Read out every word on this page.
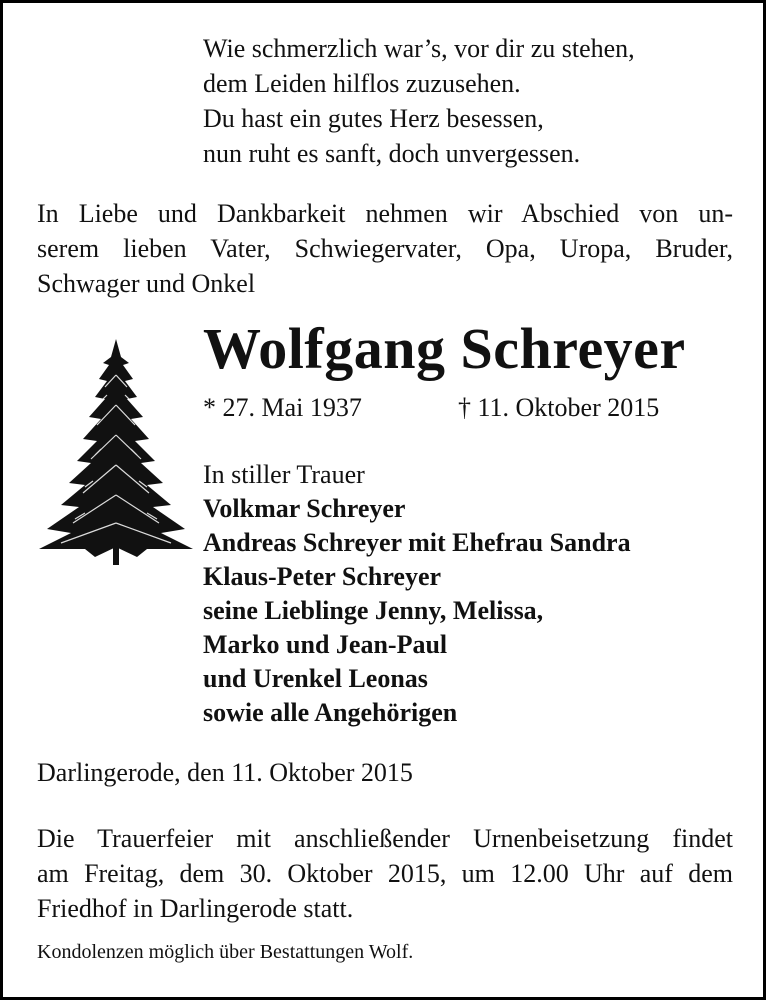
Wie schmerzlich war’s, vor dir zu stehen,
dem Leiden hilflos zuzusehen.
Du hast ein gutes Herz besessen,
nun ruht es sanft, doch unvergessen.
In Liebe und Dankbarkeit nehmen wir Abschied von un-
serem lieben Vater, Schwiegervater, Opa, Uropa, Bruder,
Schwager und Onkel
Wolfgang Schreyer
* 27. Mai 1937	† 11. Oktober 2015
In stiller Trauer
Volkmar Schreyer
Andreas Schreyer mit Ehefrau Sandra
Klaus-Peter Schreyer
seine Lieblinge Jenny, Melissa,
Marko und Jean-Paul
und Urenkel Leonas
sowie alle Angehörigen
Darlingerode, den 11. Oktober 2015
Die Trauerfeier mit anschließender Urnenbeisetzung findet
am Freitag, dem 30. Oktober 2015, um 12.00 Uhr auf dem
Friedhof in Darlingerode statt.
Kondolenzen möglich über Bestattungen Wolf.
